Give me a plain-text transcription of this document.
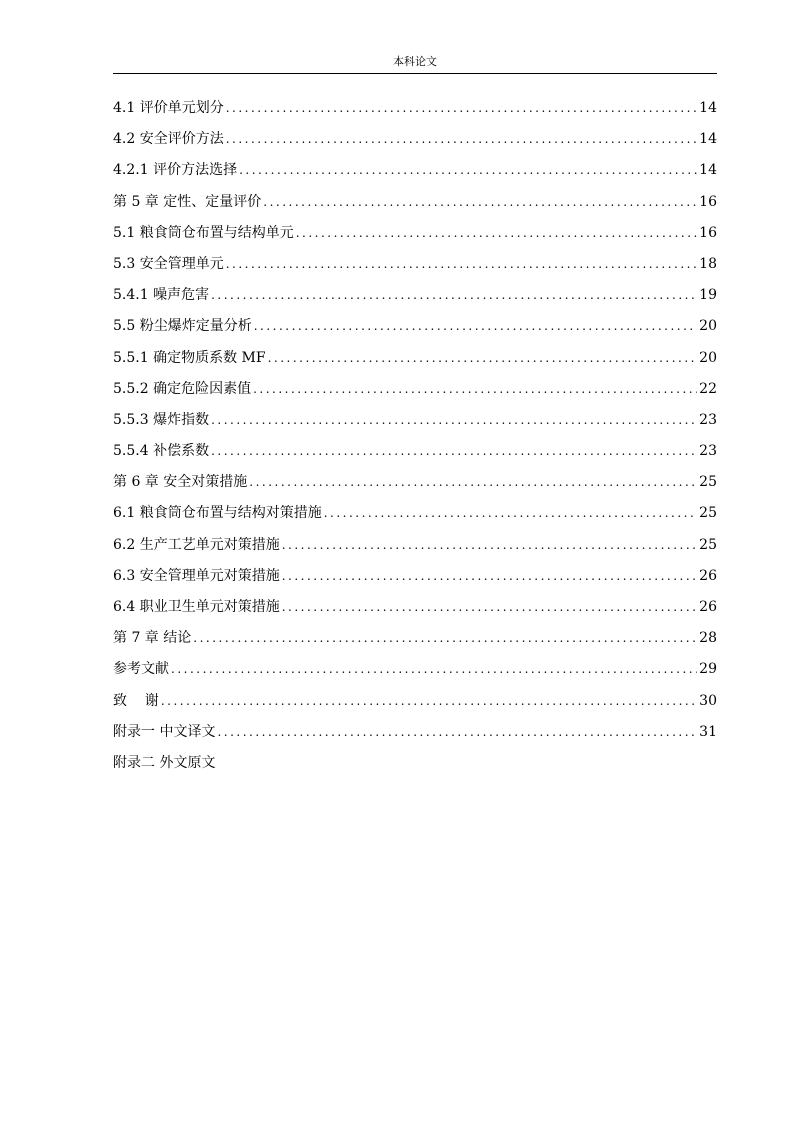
本科论文
4.1 评价单元划分 .....	14
4.2 安全评价方法 .....	14
4.2.1 评价方法选择 .....	14
第 5 章 定性、定量评价 .....	16
5.1 粮食筒仓布置与结构单元 .....	16
5.3 安全管理单元 .....	18
5.4.1 噪声危害 .....	19
5.5 粉尘爆炸定量分析 .....	20
5.5.1 确定物质系数 MF .....	20
5.5.2 确定危险因素值 .....	22
5.5.3 爆炸指数 .....	23
5.5.4 补偿系数 .....	23
第 6 章 安全对策措施 .....	25
6.1 粮食筒仓布置与结构对策措施 .....	25
6.2 生产工艺单元对策措施 .....	25
6.3 安全管理单元对策措施 .....	26
6.4 职业卫生单元对策措施 .....	26
第 7 章 结论 .....	28
参考文献 .....	29
致    谢 .....	30
附录一 中文译文 .....	31
附录二 外文原文
